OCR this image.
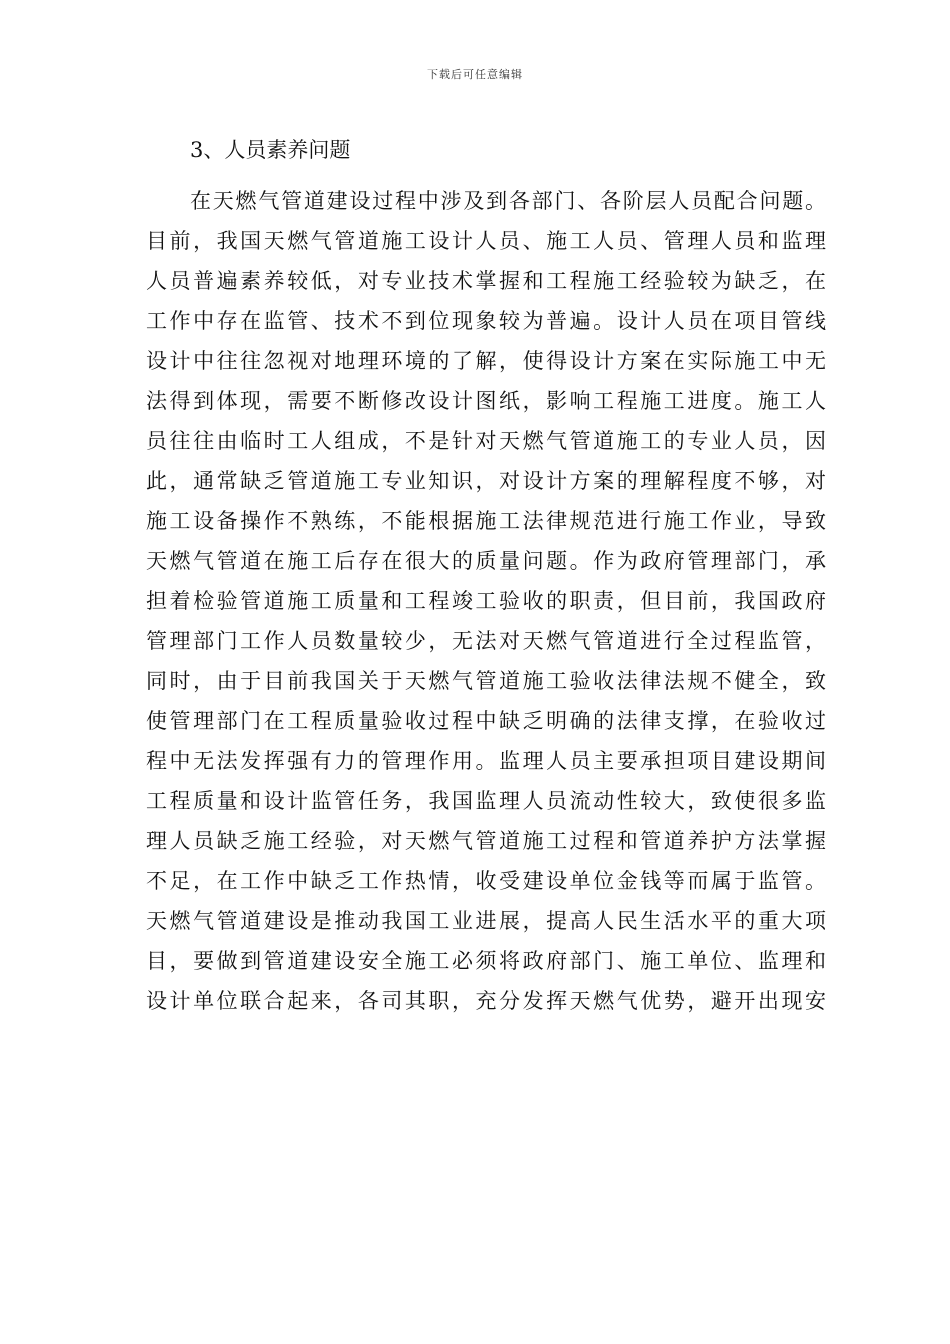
下载后可任意编辑
3、人员素养问题
在天燃气管道建设过程中涉及到各部门、各阶层人员配合问题。
目前，我国天燃气管道施工设计人员、施工人员、管理人员和监理
人员普遍素养较低，对专业技术掌握和工程施工经验较为缺乏，在
工作中存在监管、技术不到位现象较为普遍。设计人员在项目管线
设计中往往忽视对地理环境的了解，使得设计方案在实际施工中无
法得到体现，需要不断修改设计图纸，影响工程施工进度。施工人
员往往由临时工人组成，不是针对天燃气管道施工的专业人员，因
此，通常缺乏管道施工专业知识，对设计方案的理解程度不够，对
施工设备操作不熟练，不能根据施工法律规范进行施工作业，导致
天燃气管道在施工后存在很大的质量问题。作为政府管理部门，承
担着检验管道施工质量和工程竣工验收的职责，但目前，我国政府
管理部门工作人员数量较少，无法对天燃气管道进行全过程监管，
同时，由于目前我国关于天燃气管道施工验收法律法规不健全，致
使管理部门在工程质量验收过程中缺乏明确的法律支撑，在验收过
程中无法发挥强有力的管理作用。监理人员主要承担项目建设期间
工程质量和设计监管任务，我国监理人员流动性较大，致使很多监
理人员缺乏施工经验，对天燃气管道施工过程和管道养护方法掌握
不足，在工作中缺乏工作热情，收受建设单位金钱等而属于监管。
天燃气管道建设是推动我国工业进展，提高人民生活水平的重大项
目，要做到管道建设安全施工必须将政府部门、施工单位、监理和
设计单位联合起来，各司其职，充分发挥天燃气优势，避开出现安
